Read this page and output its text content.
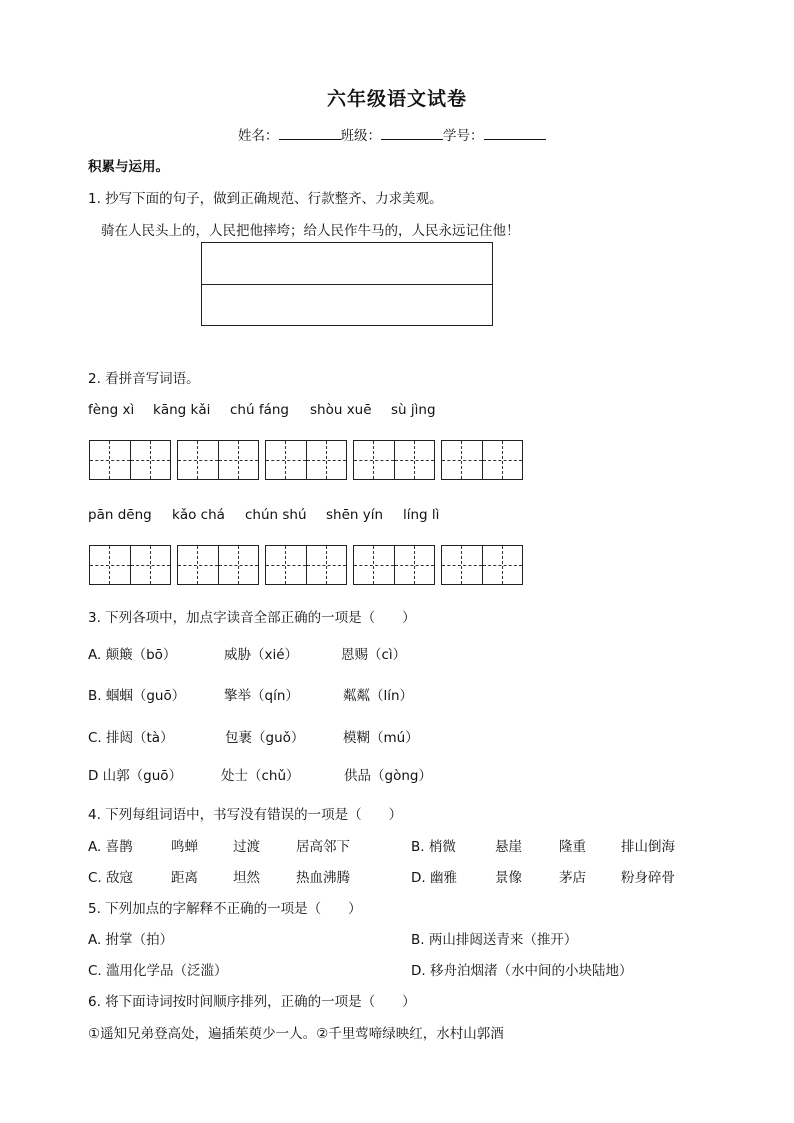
六年级语文试卷
姓名：	班级：	学号：
积累与运用。
1. 抄写下面的句子，做到正确规范、行款整齐、力求美观。
骑在人民头上的，人民把他摔垮；给人民作牛马的，人民永远记住他！
2. 看拼音写词语。
fèng xì kāng kǎi chú fáng shòu xuē sù jìng
pān dēng kǎo chá chún shú shēn yín líng lì
3. 下列各项中，加点字读音全部正确的一项是（　　）
A. 颠簸（bō）	威胁（xié）	恩赐（cì）
B. 蝈蝈（guō）	擎举（qín）	粼粼（lín）
C. 排闼（tà）	包裹（guǒ）	模糊（mú）
D 山郭（guō）	处士（chǔ）	供品（gòng）
4. 下列每组词语中，书写没有错误的一项是（　　）
A. 喜鹊	鸣蝉	过渡	居高邻下	B. 梢微	悬崖	隆重	排山倒海
C. 敌寇	距离	坦然	热血沸腾	D. 幽雅	景像	茅店	粉身碎骨
5. 下列加点的字解释不正确的一项是（　　）
A. 拊掌（拍）	B. 两山排闼送青来（推开）
C. 滥用化学品（泛滥）	D. 移舟泊烟渚（水中间的小块陆地）
6. 将下面诗词按时间顺序排列，正确的一项是（　　）
①遥知兄弟登高处，遍插茱萸少一人。②千里莺啼绿映红，水村山郭酒
